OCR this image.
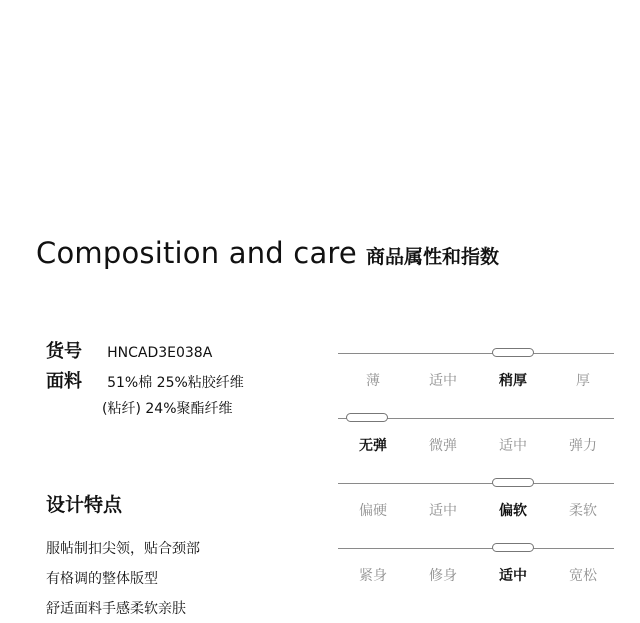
Composition and care 商品属性和指数
货号 HNCAD3E038A
面料 51%棉 25%粘胶纤维
(粘纤) 24%聚酯纤维
设计特点
服帖制扣尖领，贴合颈部
有格调的整体版型
舒适面料手感柔软亲肤
薄	适中	稍厚	厚
无弹	微弹	适中	弹力
偏硬	适中	偏软	柔软
紧身	修身	适中	宽松
